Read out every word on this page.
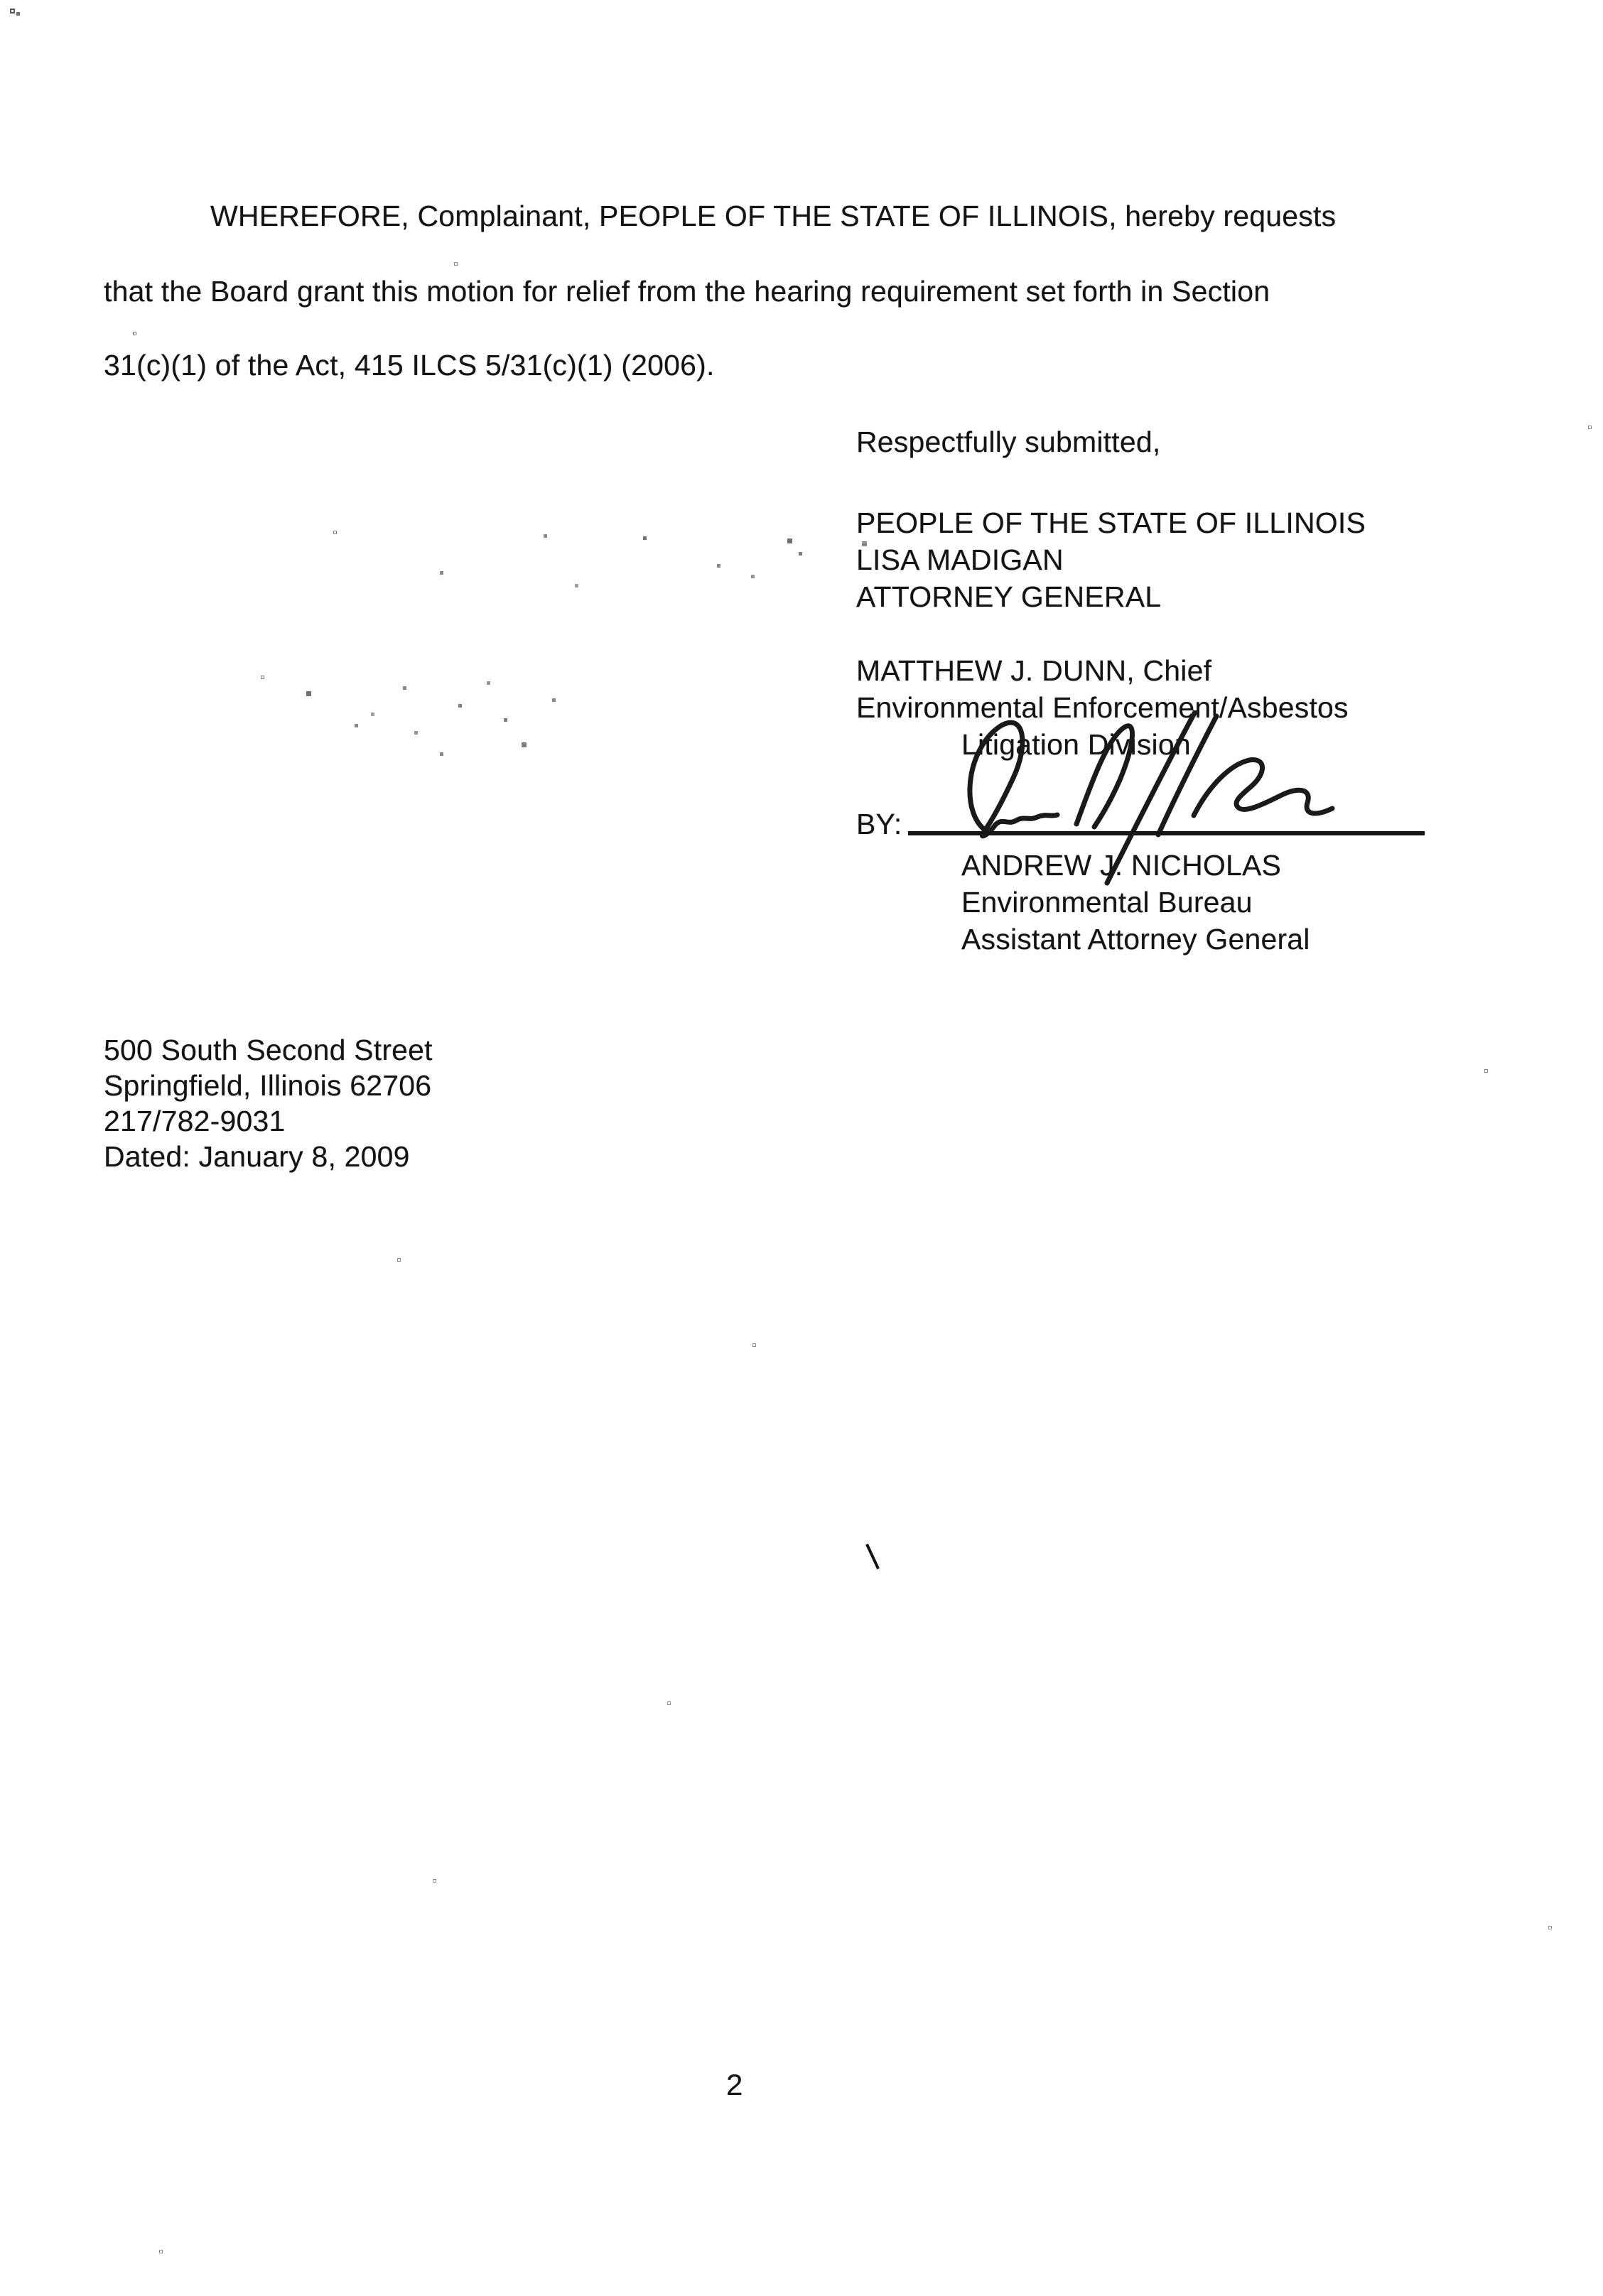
WHEREFORE, Complainant, PEOPLE OF THE STATE OF ILLINOIS, hereby requests
that the Board grant this motion for relief from the hearing requirement set forth in Section
31(c)(1) of the Act, 415 ILCS 5/31(c)(1) (2006).
Respectfully submitted,
PEOPLE OF THE STATE OF ILLINOIS
LISA MADIGAN
ATTORNEY GENERAL
MATTHEW J. DUNN, Chief
Environmental Enforcement/Asbestos
Litigation Division
BY:
ANDREW J. NICHOLAS
Environmental Bureau
Assistant Attorney General
500 South Second Street
Springfield, Illinois 62706
217/782-9031
Dated: January 8, 2009
2
